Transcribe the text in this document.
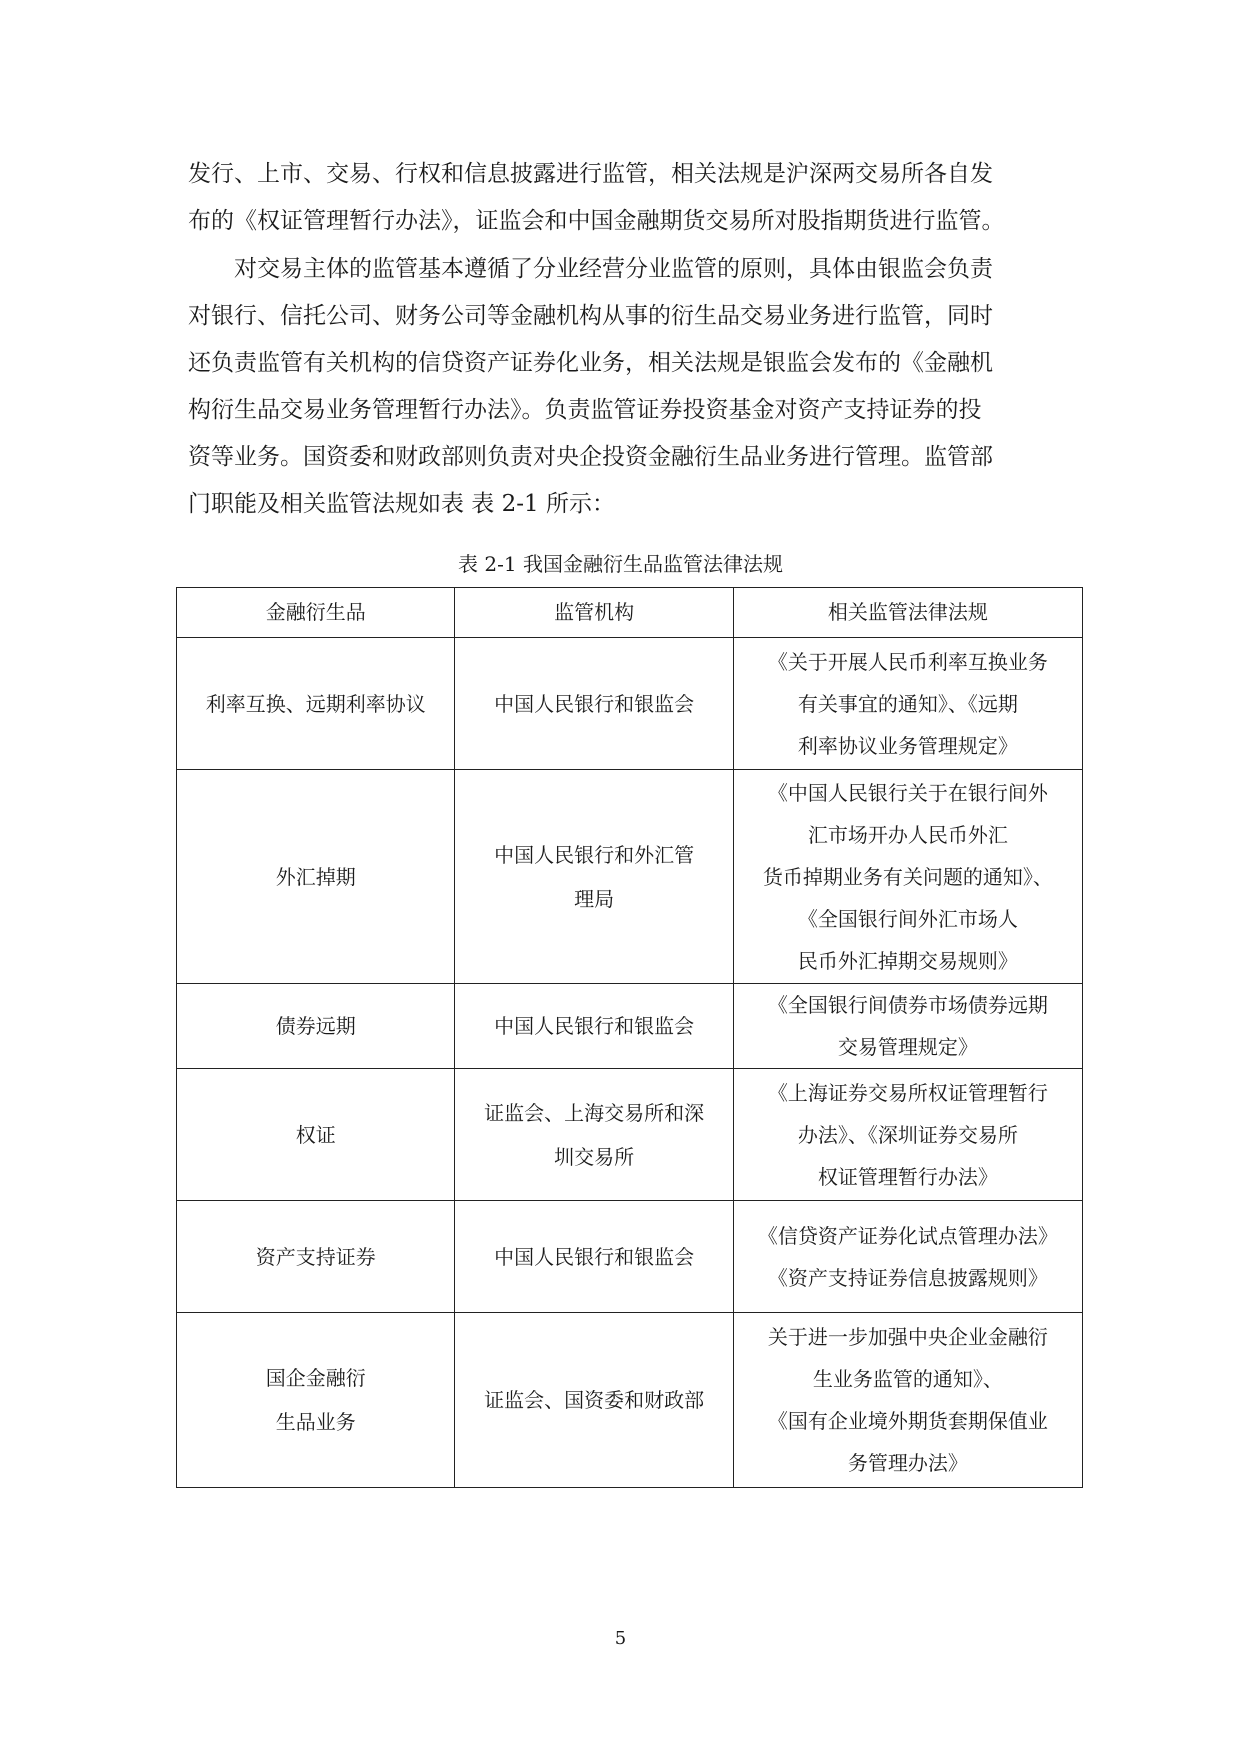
发行、上市、交易、行权和信息披露进行监管，相关法规是沪深两交易所各自发
布的《权证管理暂行办法》，证监会和中国金融期货交易所对股指期货进行监管。
　　对交易主体的监管基本遵循了分业经营分业监管的原则，具体由银监会负责
对银行、信托公司、财务公司等金融机构从事的衍生品交易业务进行监管，同时
还负责监管有关机构的信贷资产证券化业务，相关法规是银监会发布的《金融机
构衍生品交易业务管理暂行办法》。负责监管证券投资基金对资产支持证券的投
资等业务。国资委和财政部则负责对央企投资金融衍生品业务进行管理。监管部
门职能及相关监管法规如表 表 2-1 所示：
表 2-1 我国金融衍生品监管法律法规
金融衍生品	监管机构	相关监管法律法规

利率互换、远期利率协议	中国人民银行和银监会	《关于开展人民币利率互换业务
有关事宜的通知》、《远期
利率协议业务管理规定》

外汇掉期	中国人民银行和外汇管
理局	《中国人民银行关于在银行间外
汇市场开办人民币外汇
货币掉期业务有关问题的通知》、
《全国银行间外汇市场人
民币外汇掉期交易规则》

债券远期	中国人民银行和银监会	《全国银行间债券市场债券远期
交易管理规定》

权证	证监会、上海交易所和深
圳交易所	《上海证券交易所权证管理暂行
办法》、《深圳证券交易所
权证管理暂行办法》

资产支持证券	中国人民银行和银监会	《信贷资产证券化试点管理办法》
《资产支持证券信息披露规则》

国企金融衍
生品业务	证监会、国资委和财政部	关于进一步加强中央企业金融衍
生业务监管的通知》、
《国有企业境外期货套期保值业
务管理办法》
5
